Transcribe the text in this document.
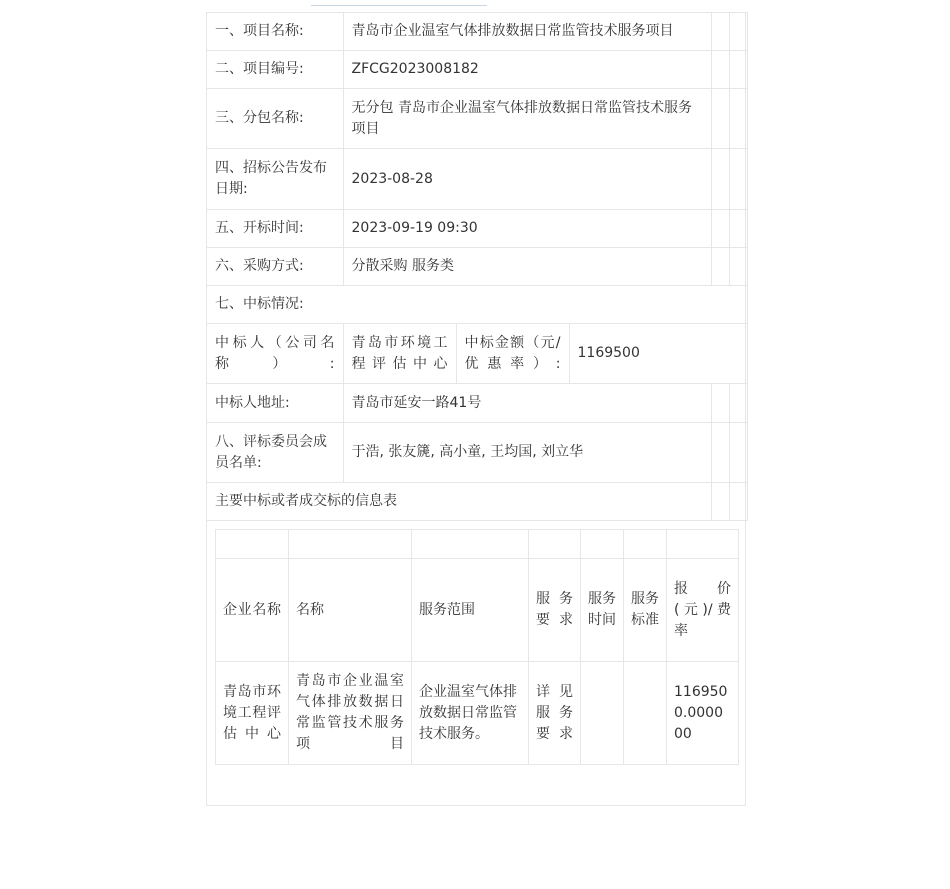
一、项目名称:	青岛市企业温室气体排放数据日常监管技术服务项目				
二、项目编号:	ZFCG2023008182				
三、分包名称:	无分包 青岛市企业温室气体排放数据日常监管技术服务项目				
四、招标公告发布日期:	2023-08-28				
五、开标时间:	2023-09-19 09:30				
六、采购方式:	分散采购 服务类				
七、中标情况:					
中标人（公司名称）:	青岛市环境工程评估中心	中标金额（元/优惠率）:	1169500		
中标人地址:	青岛市延安一路41号				
八、评标委员会成员名单:	于浩, 张友篪, 高小童, 王均国, 刘立华				
主要中标或者成交标的信息表					

企业名称	名称	服务范围	服务要求	服务时间	服务标准	报价(元)/费率
青岛市环境工程评估中心	青岛市企业温室气体排放数据日常监管技术服务项目	企业温室气体排放数据日常监管技术服务。	详见服务要求			1169500.000000
